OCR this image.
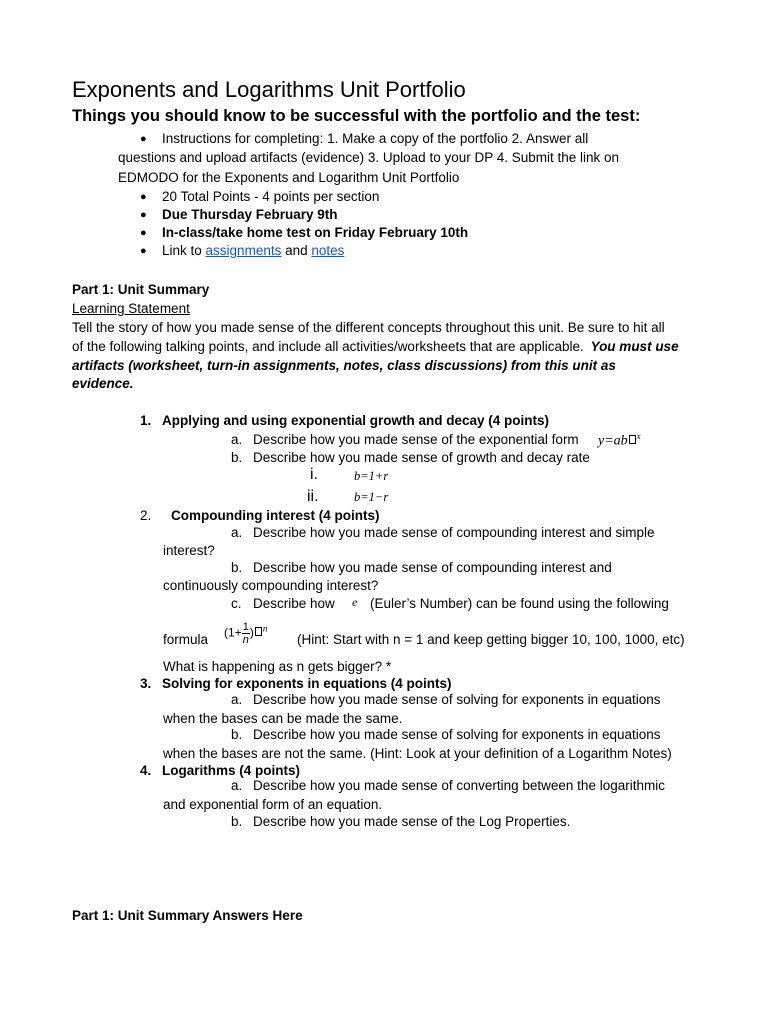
Exponents and Logarithms Unit Portfolio
Things you should know to be successful with the portfolio and the test:
● Instructions for completing: 1. Make a copy of the portfolio 2. Answer all
questions and upload artifacts (evidence) 3. Upload to your DP 4. Submit the link on
EDMODO for the Exponents and Logarithm Unit Portfolio
● 20 Total Points - 4 points per section
● Due Thursday February 9th
● In-class/take home test on Friday February 10th
● Link to assignments and notes
Part 1: Unit Summary
Learning Statement
Tell the story of how you made sense of the different concepts throughout this unit. Be sure to hit all
of the following talking points, and include all activities/worksheets that are applicable. You must use
artifacts (worksheet, turn-in assignments, notes, class discussions) from this unit as
evidence.
1. Applying and using exponential growth and decay (4 points)
a. Describe how you made sense of the exponential form y=ab $^x$
b. Describe how you made sense of growth and decay rate
i.	b=1+r
ii.	b=1−r
2. Compounding interest (4 points)
a. Describe how you made sense of compounding interest and simple
interest?
b. Describe how you made sense of compounding interest and
continuously compounding interest?
c. Describe how e (Euler’s Number) can be found using the following
formula ($1+ \frac{1}{n}$ ) $^n$
(Hint: Start with n = 1 and keep getting bigger 10, 100, 1000, etc)
What is happening as n gets bigger? *
3. Solving for exponents in equations (4 points)
a. Describe how you made sense of solving for exponents in equations
when the bases can be made the same.
b. Describe how you made sense of solving for exponents in equations
when the bases are not the same. (Hint: Look at your definition of a Logarithm Notes)
4. Logarithms (4 points)
a. Describe how you made sense of converting between the logarithmic
and exponential form of an equation.
b. Describe how you made sense of the Log Properties.
Part 1: Unit Summary Answers Here
